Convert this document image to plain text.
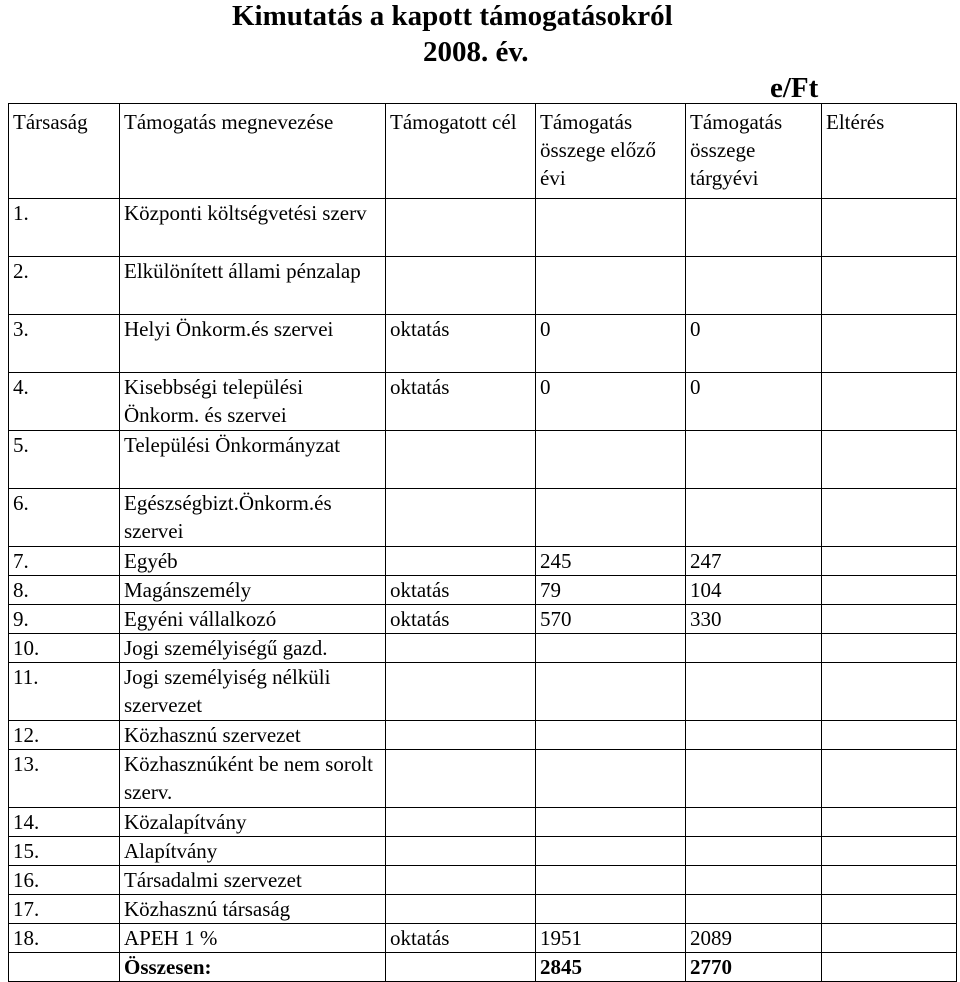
Kimutatás a kapott támogatásokról
2008. év.
e/Ft
Társaság	Támogatás megnevezése	Támogatott cél	Támogatás összege előző évi	Támogatás összege tárgyévi	Eltérés
1.	Központi költségvetési szerv				
2.	Elkülönített állami pénzalap				
3.	Helyi Önkorm.és szervei	oktatás	0	0	
4.	Kisebbségi települési Önkorm. és szervei	oktatás	0	0	
5.	Települési Önkormányzat				
6.	Egészségbizt.Önkorm.és szervei				
7.	Egyéb		245	247	
8.	Magánszemély	oktatás	79	104	
9.	Egyéni vállalkozó	oktatás	570	330	
10.	Jogi személyiségű gazd.				
11.	Jogi személyiség nélküli szervezet				
12.	Közhasznú szervezet				
13.	Közhasznúként be nem sorolt szerv.				
14.	Közalapítvány				
15.	Alapítvány				
16.	Társadalmi szervezet				
17.	Közhasznú társaság				
18.	APEH 1 %	oktatás	1951	2089	
	Összesen:		2845	2770	
